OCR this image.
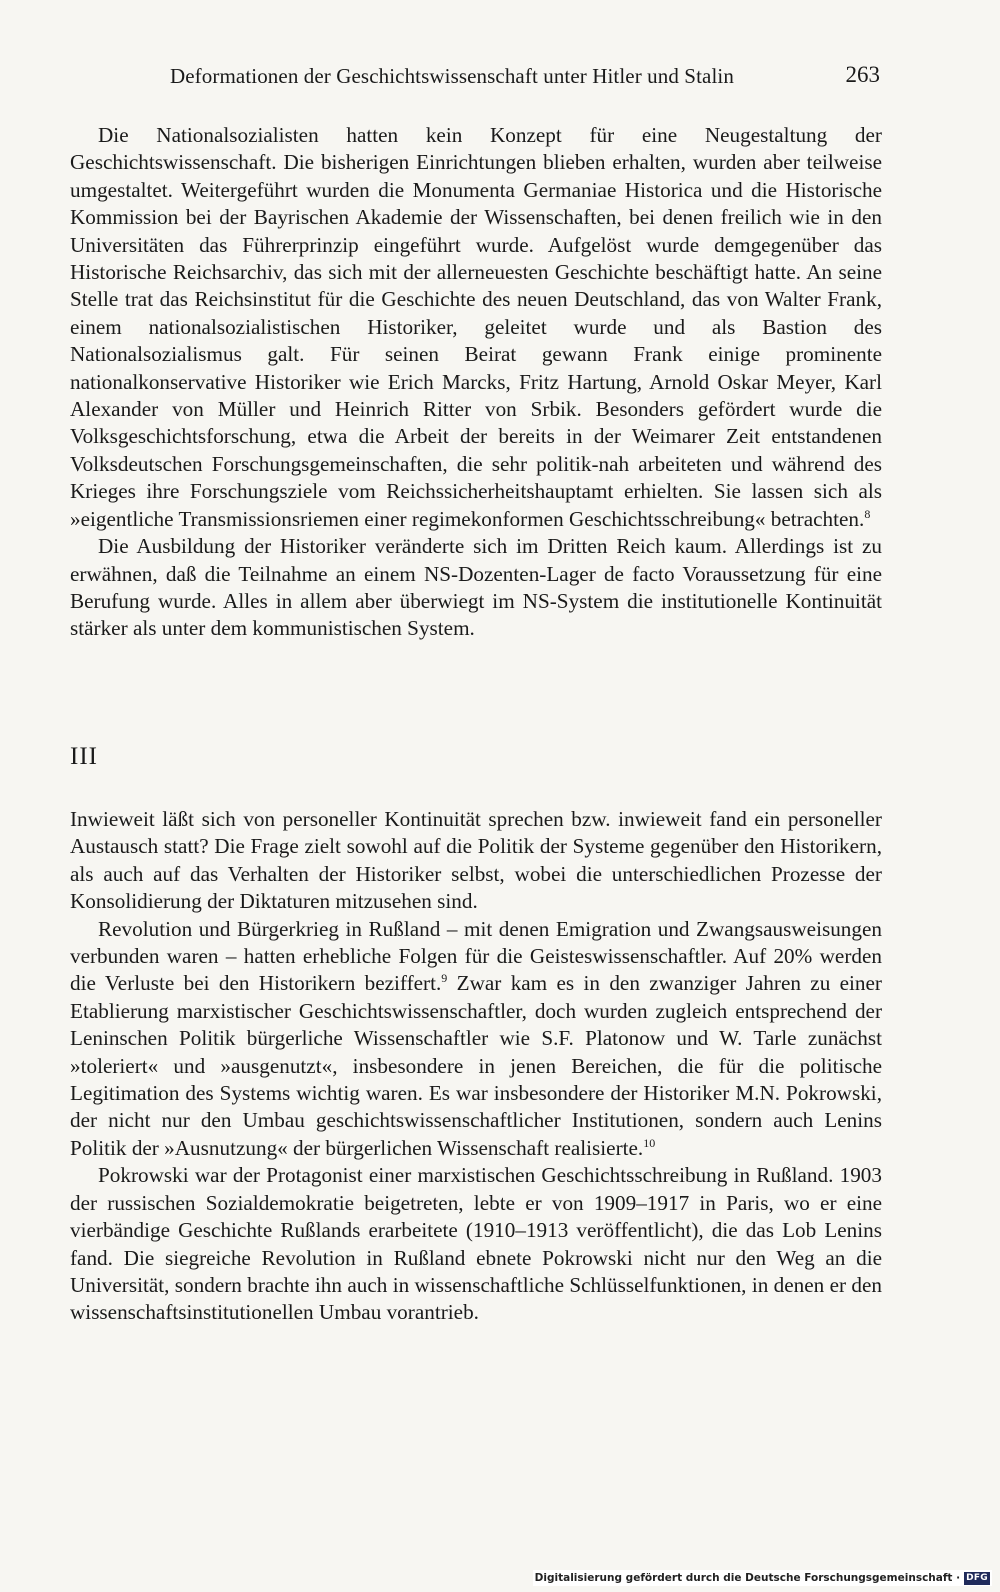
Deformationen der Geschichtswissenschaft unter Hitler und Stalin	263

Die Nationalsozialisten hatten kein Konzept für eine Neugestaltung der Geschichtswissenschaft. Die bisherigen Einrichtungen blieben erhalten, wurden aber teilweise umgestaltet. Weitergeführt wurden die Monumenta Germaniae Historica und die Historische Kommission bei der Bayrischen Akademie der Wissenschaften, bei denen freilich wie in den Universitäten das Führerprinzip eingeführt wurde. Aufgelöst wurde demgegenüber das Historische Reichsarchiv, das sich mit der allerneuesten Geschichte beschäftigt hatte. An seine Stelle trat das Reichsinstitut für die Geschichte des neuen Deutschland, das von Walter Frank, einem nationalsozialistischen Historiker, geleitet wurde und als Bastion des Nationalsozialismus galt. Für seinen Beirat gewann Frank einige prominente nationalkonservative Historiker wie Erich Marcks, Fritz Hartung, Arnold Oskar Meyer, Karl Alexander von Müller und Heinrich Ritter von Srbik. Besonders gefördert wurde die Volksgeschichtsforschung, etwa die Arbeit der bereits in der Weimarer Zeit entstandenen Volksdeutschen Forschungsgemeinschaften, die sehr politik-nah arbeiteten und während des Krieges ihre Forschungsziele vom Reichssicherheitshauptamt erhielten. Sie lassen sich als »eigentliche Transmissionsriemen einer regimekonformen Geschichtsschreibung« betrachten.$^8$

Die Ausbildung der Historiker veränderte sich im Dritten Reich kaum. Allerdings ist zu erwähnen, daß die Teilnahme an einem NS-Dozenten-Lager de facto Voraussetzung für eine Berufung wurde. Alles in allem aber überwiegt im NS-System die institutionelle Kontinuität stärker als unter dem kommunistischen System.

III

Inwieweit läßt sich von personeller Kontinuität sprechen bzw. inwieweit fand ein personeller Austausch statt? Die Frage zielt sowohl auf die Politik der Systeme gegenüber den Historikern, als auch auf das Verhalten der Historiker selbst, wobei die unterschiedlichen Prozesse der Konsolidierung der Diktaturen mitzusehen sind.

Revolution und Bürgerkrieg in Rußland – mit denen Emigration und Zwangsausweisungen verbunden waren – hatten erhebliche Folgen für die Geisteswissenschaftler. Auf 20% werden die Verluste bei den Historikern beziffert.$^9$ Zwar kam es in den zwanziger Jahren zu einer Etablierung marxistischer Geschichtswissenschaftler, doch wurden zugleich entsprechend der Leninschen Politik bürgerliche Wissenschaftler wie S.F. Platonow und W. Tarle zunächst »toleriert« und »ausgenutzt«, insbesondere in jenen Bereichen, die für die politische Legitimation des Systems wichtig waren. Es war insbesondere der Historiker M.N. Pokrowski, der nicht nur den Umbau geschichtswissenschaftlicher Institutionen, sondern auch Lenins Politik der »Ausnutzung« der bürgerlichen Wissenschaft realisierte.$^{10}$

Pokrowski war der Protagonist einer marxistischen Geschichtsschreibung in Rußland. 1903 der russischen Sozialdemokratie beigetreten, lebte er von 1909–1917 in Paris, wo er eine vierbändige Geschichte Rußlands erarbeitete (1910–1913 veröffentlicht), die das Lob Lenins fand. Die siegreiche Revolution in Rußland ebnete Pokrowski nicht nur den Weg an die Universität, sondern brachte ihn auch in wissenschaftliche Schlüsselfunktionen, in denen er den wissenschaftsinstitutionellen Umbau vorantrieb.

Digitalisierung gefördert durch die Deutsche Forschungsgemeinschaft · DFG
